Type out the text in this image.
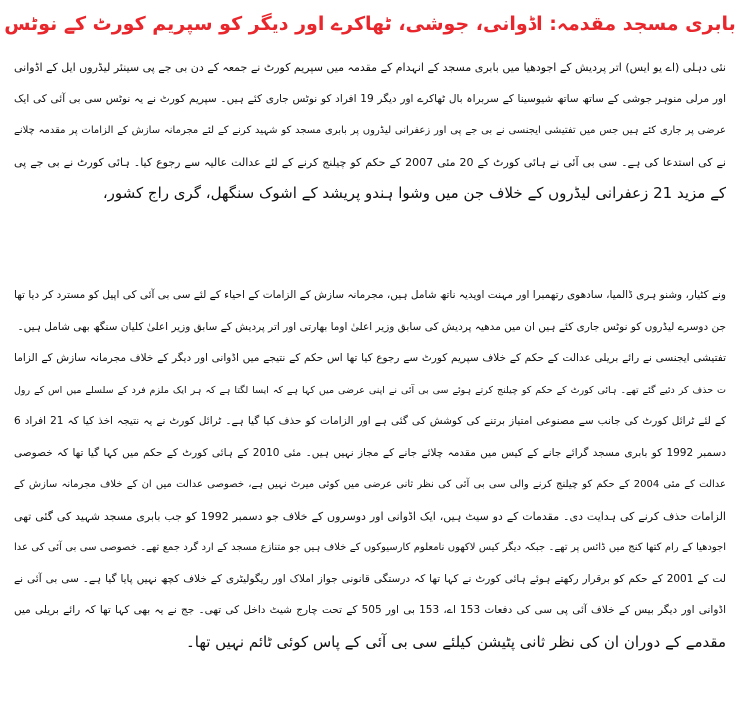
بابری مسجد مقدمہ: اڈوانی، جوشی، ٹھاکرے اور دیگر کو سپریم کورٹ کے نوٹس
نئی دہلی (اے یو ایس) اتر پردیش کے اجودھیا میں بابری مسجد کے انہدام کے مقدمہ میں سپریم کورٹ نے جمعہ کے دن بی جے پی سینئر لیڈروں ایل کے اڈوانی
اور مرلی منوہر جوشی کے ساتھ ساتھ شیوسینا کے سربراہ بال ٹھاکرے اور دیگر 19 افراد کو نوٹس جاری کئے ہیں۔ سپریم کورٹ نے یہ نوٹس سی بی آئی کی ایک
عرضی پر جاری کئے ہیں جس میں تفتیشی ایجنسی نے بی جے پی اور زعفرانی لیڈروں پر بابری مسجد کو شہید کرنے کے لئے مجرمانہ سازش کے الزامات پر مقدمہ چلانے
نے کی استدعا کی ہے۔ سی بی آئی نے ہائی کورٹ کے 20 مئی 2007 کے حکم کو چیلنج کرنے کے لئے عدالت عالیہ سے رجوع کیا۔ ہائی کورٹ نے بی جے پی
کے مزید 21 زعفرانی لیڈروں کے خلاف جن میں وشوا ہندو پریشد کے اشوک سنگھل، گری راج کشور،
ونے کٹیار، وشنو ہری ڈالمیا، سادھوی رتھمبرا اور مہنت اویدیہ ناتھ شامل ہیں، مجرمانہ سازش کے الزامات کے احیاء کے لئے سی بی آئی کی اپیل کو مسترد کر دیا تھا
جن دوسرے لیڈروں کو نوٹس جاری کئے ہیں ان میں مدھیہ پردیش کی سابق وزیر اعلیٰ اوما بھارتی اور اتر پردیش کے سابق وزیر اعلیٰ کلیان سنگھ بھی شامل ہیں۔
تفتیشی ایجنسی نے رائے بریلی عدالت کے حکم کے خلاف سپریم کورٹ سے رجوع کیا تھا اس حکم کے نتیجے میں اڈوانی اور دیگر کے خلاف مجرمانہ سازش کے الزاما
ت حذف کر دئیے گئے تھے۔ ہائی کورٹ کے حکم کو چیلنج کرتے ہوئے سی بی آئی نے اپنی عرضی میں کہا ہے کہ ایسا لگتا ہے کہ ہر ایک ملزم فرد کے سلسلے میں اس کے رول
کے لئے ٹرائل کورٹ کی جانب سے مصنوعی امتیاز برتنے کی کوشش کی گئی ہے اور الزامات کو حذف کیا گیا ہے۔ ٹرائل کورٹ نے یہ نتیجہ اخذ کیا کہ 21 افراد 6
دسمبر 1992 کو بابری مسجد گرائے جانے کے کیس میں مقدمہ چلائے جانے کے مجاز نہیں ہیں۔ مئی 2010 کے ہائی کورٹ کے حکم میں کہا گیا تھا کہ خصوصی
عدالت کے مئی 2004 کے حکم کو چیلنج کرنے والی سی بی آئی کی نظر ثانی عرضی میں کوئی میرٹ نہیں ہے، خصوصی عدالت میں ان کے خلاف مجرمانہ سازش کے
الزامات حذف کرنے کی ہدایت دی۔ مقدمات کے دو سیٹ ہیں، ایک اڈوانی اور دوسروں کے خلاف جو دسمبر 1992 کو جب بابری مسجد شہید کی گئی تھی
اجودھیا کے رام کتھا کنج میں ڈائس پر تھے۔ جبکہ دیگر کیس لاکھوں نامعلوم کارسیوکوں کے خلاف ہیں جو متنازع مسجد کے ارد گرد جمع تھے۔ خصوصی سی بی آئی کی عدا
لت کے 2001 کے حکم کو برقرار رکھتے ہوئے ہائی کورٹ نے کہا تھا کہ درستگی قانونی جواز املاک اور ریگولیٹری کے خلاف کچھ نہیں پایا گیا ہے۔ سی بی آئی نے
اڈوانی اور دیگر بیس کے خلاف آئی پی سی کی دفعات 153 اے، 153 بی اور 505 کے تحت چارج شیٹ داخل کی تھی۔ جج نے یہ بھی کہا تھا کہ رائے بریلی میں
مقدمے کے دوران ان کی نظر ثانی پٹیشن کیلئے سی بی آئی کے پاس کوئی ٹائم نہیں تھا۔
